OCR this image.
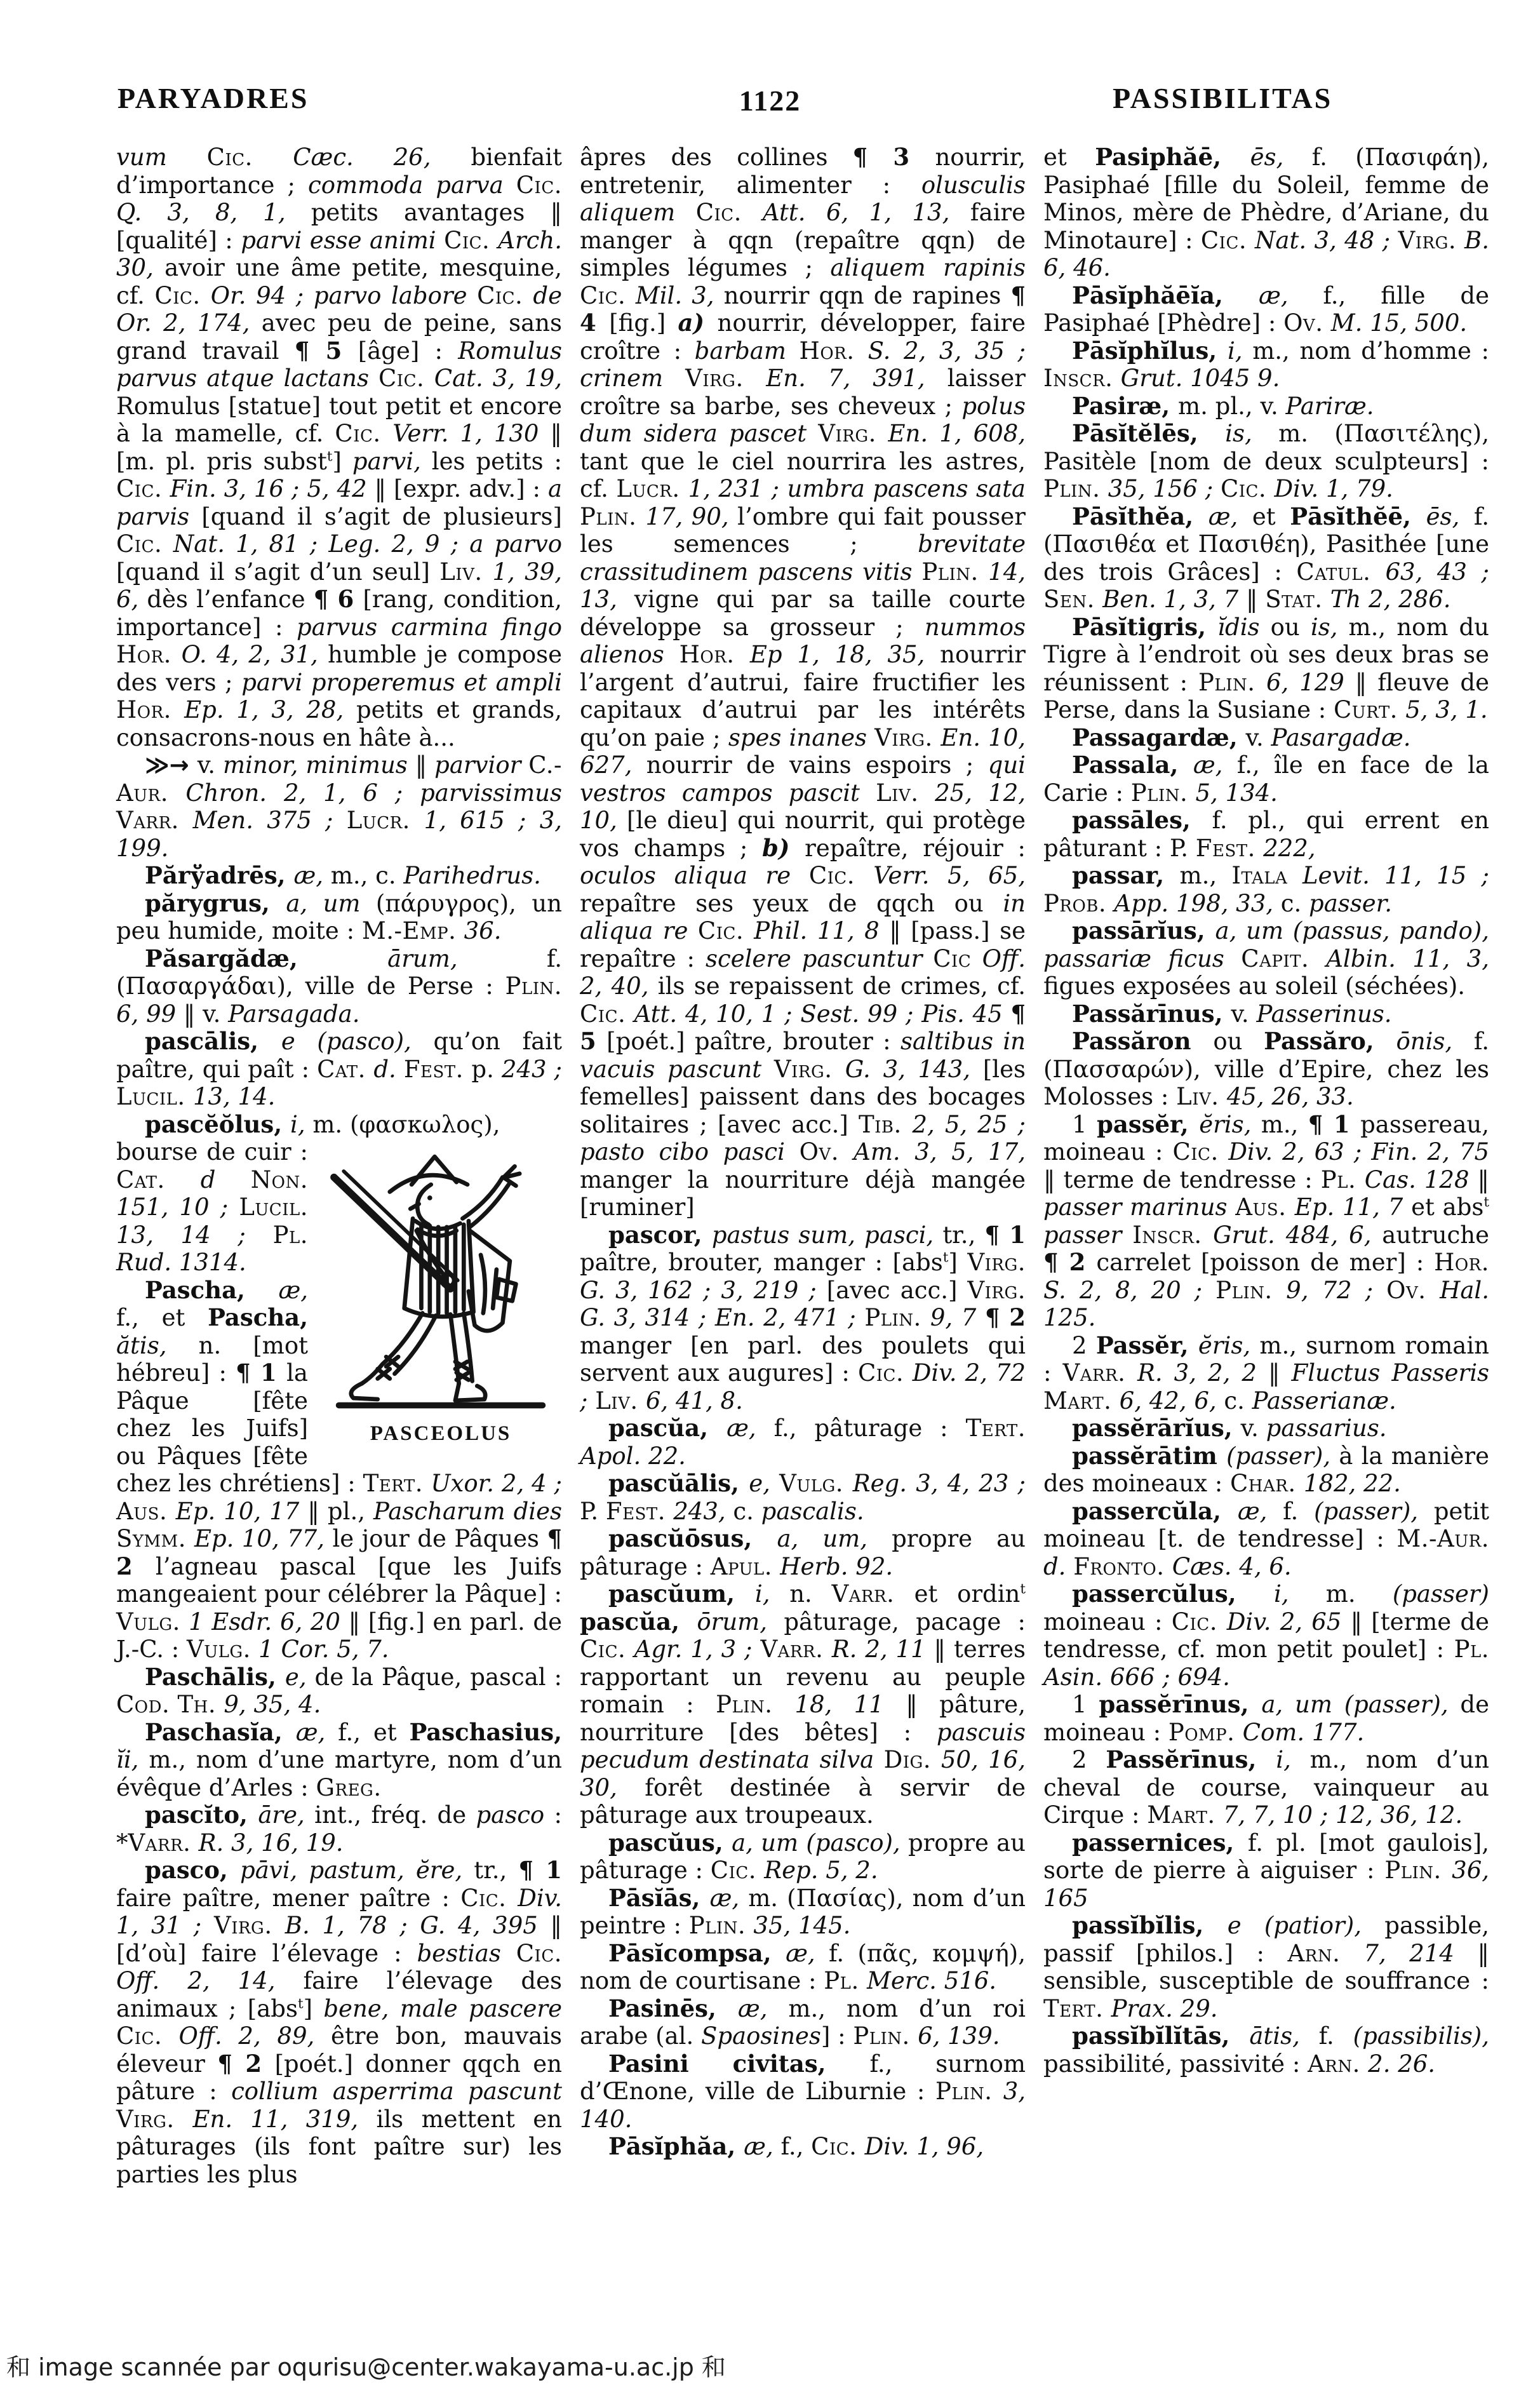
PARYADRES	1122	PASSIBILITAS

vum Cic. Cæc. 26, bienfait d’importance ; commoda parva Cic. Q. 3, 8, 1, petits avantages ‖ [qualité] : parvi esse animi Cic. Arch. 30, avoir une âme petite, mesquine, cf. Cic. Or. 94 ; parvo labore Cic. de Or. 2, 174, avec peu de peine, sans grand travail ¶ 5 [âge] : Romulus parvus atque lactans Cic. Cat. 3, 19, Romulus [statue] tout petit et encore à la mamelle, cf. Cic. Verr. 1, 130 ‖ [m. pl. pris subst$^t$] parvi, les petits : Cic. Fin. 3, 16 ; 5, 42 ‖ [expr. adv.] : a parvis [quand il s’agit de plusieurs] Cic. Nat. 1, 81 ; Leg. 2, 9 ; a parvo [quand il s’agit d’un seul] Liv. 1, 39, 6, dès l’enfance ¶ 6 [rang, condition, importance] : parvus carmina fingo Hor. O. 4, 2, 31, humble je compose des vers ; parvi properemus et ampli Hor. Ep. 1, 3, 28, petits et grands, consacrons-nous en hâte à...

≫→ v. minor, minimus ‖ parvior C.-Aur. Chron. 2, 1, 6 ; parvissimus Varr. Men. 375 ; Lucr. 1, 615 ; 3, 199.

Părўadrēs, æ, m., c. Parihedrus.

părygrus, a, um (πάρυγρος), un peu humide, moite : M.-Emp. 36.

Păsargădæ, ārum, f. (Πασαργάδαι), ville de Perse : Plin. 6, 99 ‖ v. Parsagada.

pascālis, e (pasco), qu’on fait paître, qui paît : Cat. d. Fest. p. 243 ; Lucil. 13, 14.

pascĕŏlus, i, m. (φασκωλος),

PASCEOLUS
bourse de cuir : Cat. d Non. 151, 10 ; Lucil. 13, 14 ; Pl. Rud. 1314.

Pascha, æ, f., et Pascha, ătis, n. [mot hébreu] : ¶ 1 la Pâque [fête chez les Juifs] ou Pâques [fête chez les chrétiens] : Tert. Uxor. 2, 4 ; Aus. Ep. 10, 17 ‖ pl., Pascharum dies Symm. Ep. 10, 77, le jour de Pâques ¶ 2 l’agneau pascal [que les Juifs mangeaient pour célébrer la Pâque] : Vulg. 1 Esdr. 6, 20 ‖ [fig.] en parl. de J.-C. : Vulg. 1 Cor. 5, 7.

Paschālis, e, de la Pâque, pascal : Cod. Th. 9, 35, 4.

Paschasĭa, æ, f., et Paschasius, ĭi, m., nom d’une martyre, nom d’un évêque d’Arles : Greg.

pascĭto, āre, int., fréq. de pasco : *Varr. R. 3, 16, 19.

pasco, pāvi, pastum, ĕre, tr., ¶ 1 faire paître, mener paître : Cic. Div. 1, 31 ; Virg. B. 1, 78 ; G. 4, 395 ‖ [d’où] faire l’élevage : bestias Cic. Off. 2, 14, faire l’élevage des animaux ; [abs$^t$] bene, male pascere Cic. Off. 2, 89, être bon, mauvais éleveur ¶ 2 [poét.] donner qqch en pâture : collium asperrima pascunt Virg. En. 11, 319, ils mettent en pâturages (ils font paître sur) les parties les plus

âpres des collines ¶ 3 nourrir, entretenir, alimenter : olusculis aliquem Cic. Att. 6, 1, 13, faire manger à qqn (repaître qqn) de simples légumes ; aliquem rapinis Cic. Mil. 3, nourrir qqn de rapines ¶ 4 [fig.] a) nourrir, développer, faire croître : barbam Hor. S. 2, 3, 35 ; crinem Virg. En. 7, 391, laisser croître sa barbe, ses cheveux ; polus dum sidera pascet Virg. En. 1, 608, tant que le ciel nourrira les astres, cf. Lucr. 1, 231 ; umbra pascens sata Plin. 17, 90, l’ombre qui fait pousser les semences ; brevitate crassitudinem pascens vitis Plin. 14, 13, vigne qui par sa taille courte développe sa grosseur ; nummos alienos Hor. Ep 1, 18, 35, nourrir l’argent d’autrui, faire fructifier les capitaux d’autrui par les intérêts qu’on paie ; spes inanes Virg. En. 10, 627, nourrir de vains espoirs ; qui vestros campos pascit Liv. 25, 12, 10, [le dieu] qui nourrit, qui protège vos champs ; b) repaître, réjouir : oculos aliqua re Cic. Verr. 5, 65, repaître ses yeux de qqch ou in aliqua re Cic. Phil. 11, 8 ‖ [pass.] se repaître : scelere pascuntur Cic Off. 2, 40, ils se repaissent de crimes, cf. Cic. Att. 4, 10, 1 ; Sest. 99 ; Pis. 45 ¶ 5 [poét.] paître, brouter : saltibus in vacuis pascunt Virg. G. 3, 143, [les femelles] paissent dans des bocages solitaires ; [avec acc.] Tib. 2, 5, 25 ; pasto cibo pasci Ov. Am. 3, 5, 17, manger la nourriture déjà mangée [ruminer]

pascor, pastus sum, pasci, tr., ¶ 1 paître, brouter, manger : [abs$^t$] Virg. G. 3, 162 ; 3, 219 ; [avec acc.] Virg. G. 3, 314 ; En. 2, 471 ; Plin. 9, 7 ¶ 2 manger [en parl. des poulets qui servent aux augures] : Cic. Div. 2, 72 ; Liv. 6, 41, 8.

pascŭa, æ, f., pâturage : Tert. Apol. 22.

pascŭālis, e, Vulg. Reg. 3, 4, 23 ; P. Fest. 243, c. pascalis.

pascŭōsus, a, um, propre au pâturage : Apul. Herb. 92.

pascŭum, i, n. Varr. et ordin$^t$ pascŭa, ōrum, pâturage, pacage : Cic. Agr. 1, 3 ; Varr. R. 2, 11 ‖ terres rapportant un revenu au peuple romain : Plin. 18, 11 ‖ pâture, nourriture [des bêtes] : pascuis pecudum destinata silva Dig. 50, 16, 30, forêt destinée à servir de pâturage aux troupeaux.

pascŭus, a, um (pasco), propre au pâturage : Cic. Rep. 5, 2.

Pāsĭās, æ, m. (Πασίας), nom d’un peintre : Plin. 35, 145.

Pāsĭcompsa, æ, f. (πᾶς, κομψή), nom de courtisane : Pl. Merc. 516.

Pasinēs, æ, m., nom d’un roi arabe (al. Spaosines] : Plin. 6, 139.

Pasini civitas, f., surnom d’Œnone, ville de Liburnie : Plin. 3, 140.

Pāsĭphăa, æ, f., Cic. Div. 1, 96,

et Pasiphăē, ēs, f. (Πασιφάη), Pasiphaé [fille du Soleil, femme de Minos, mère de Phèdre, d’Ariane, du Minotaure] : Cic. Nat. 3, 48 ; Virg. B. 6, 46.

Pāsĭphăēĭa, æ, f., fille de Pasiphaé [Phèdre] : Ov. M. 15, 500.

Pāsĭphĭlus, i, m., nom d’homme : Inscr. Grut. 1045 9.

Pasiræ, m. pl., v. Pariræ.

Pāsĭtĕlēs, is, m. (Πασιτέλης), Pasitèle [nom de deux sculpteurs] : Plin. 35, 156 ; Cic. Div. 1, 79.

Pāsĭthĕa, æ, et Pāsĭthĕē, ēs, f. (Πασιθέα et Πασιθέη), Pasithée [une des trois Grâces] : Catul. 63, 43 ; Sen. Ben. 1, 3, 7 ‖ Stat. Th 2, 286.

Pāsĭtigris, ĭdis ou is, m., nom du Tigre à l’endroit où ses deux bras se réunissent : Plin. 6, 129 ‖ fleuve de Perse, dans la Susiane : Curt. 5, 3, 1.

Passagardæ, v. Pasargadæ.

Passala, æ, f., île en face de la Carie : Plin. 5, 134.

passāles, f. pl., qui errent en pâturant : P. Fest. 222,

passar, m., Itala Levit. 11, 15 ; Prob. App. 198, 33, c. passer.

passārĭus, a, um (passus, pando), passariæ ficus Capit. Albin. 11, 3, figues exposées au soleil (séchées).

Passărīnus, v. Passerinus.

Passăron ou Passăro, ōnis, f. (Πασσαρών), ville d’Epire, chez les Molosses : Liv. 45, 26, 33.

1 passĕr, ĕris, m., ¶ 1 passereau, moineau : Cic. Div. 2, 63 ; Fin. 2, 75 ‖ terme de tendresse : Pl. Cas. 128 ‖ passer marinus Aus. Ep. 11, 7 et abs$^t$ passer Inscr. Grut. 484, 6, autruche ¶ 2 carrelet [poisson de mer] : Hor. S. 2, 8, 20 ; Plin. 9, 72 ; Ov. Hal. 125.

2 Passĕr, ĕris, m., surnom romain : Varr. R. 3, 2, 2 ‖ Fluctus Passeris Mart. 6, 42, 6, c. Passerianæ.

passĕrārĭus, v. passarius.

passĕrātim (passer), à la manière des moineaux : Char. 182, 22.

passercŭla, æ, f. (passer), petit moineau [t. de tendresse] : M.-Aur. d. Fronto. Cæs. 4, 6.

passercŭlus, i, m. (passer) moineau : Cic. Div. 2, 65 ‖ [terme de tendresse, cf. mon petit poulet] : Pl. Asin. 666 ; 694.

1 passĕrīnus, a, um (passer), de moineau : Pomp. Com. 177.

2 Passĕrīnus, i, m., nom d’un cheval de course, vainqueur au Cirque : Mart. 7, 7, 10 ; 12, 36, 12.

passernices, f. pl. [mot gaulois], sorte de pierre à aiguiser : Plin. 36, 165

passĭbĭlis, e (patior), passible, passif [philos.] : Arn. 7, 214 ‖ sensible, susceptible de souffrance : Tert. Prax. 29.

passĭbĭlĭtās, ātis, f. (passibilis), passibilité, passivité : Arn. 2. 26.

和 image scannée par oqurisu@center.wakayama-u.ac.jp 和
